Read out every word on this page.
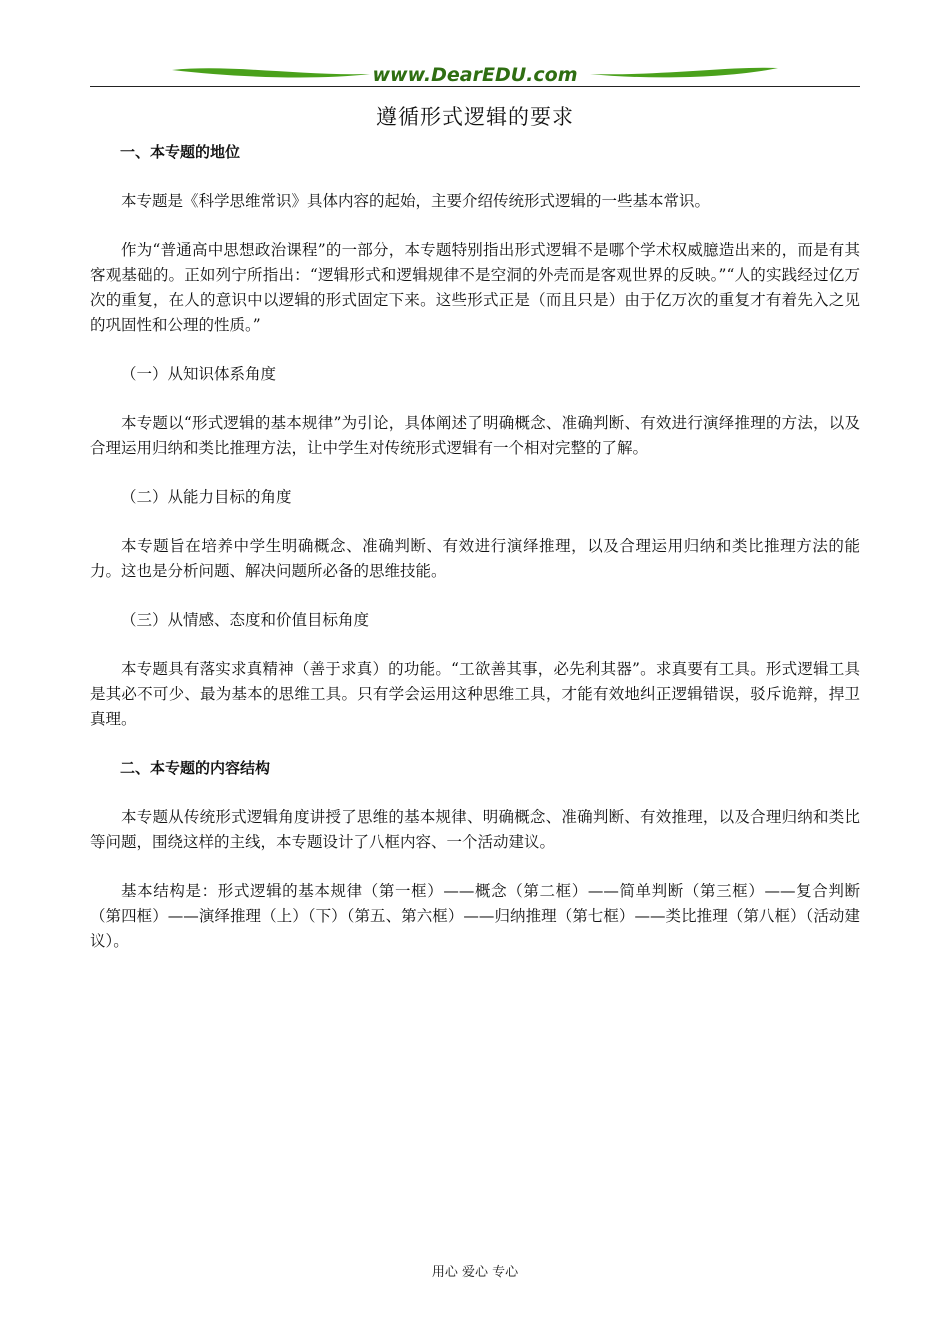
www.DearEDU.com
遵循形式逻辑的要求

一、本专题的地位

本专题是《科学思维常识》具体内容的起始，主要介绍传统形式逻辑的一些基本常识。

作为“普通高中思想政治课程”的一部分，本专题特别指出形式逻辑不是哪个学术权威臆造出来的，而是有其客观基础的。正如列宁所指出：“逻辑形式和逻辑规律不是空洞的外壳而是客观世界的反映。”“人的实践经过亿万次的重复，在人的意识中以逻辑的形式固定下来。这些形式正是（而且只是）由于亿万次的重复才有着先入之见的巩固性和公理的性质。”

（一）从知识体系角度

本专题以“形式逻辑的基本规律”为引论，具体阐述了明确概念、准确判断、有效进行演绎推理的方法，以及合理运用归纳和类比推理方法，让中学生对传统形式逻辑有一个相对完整的了解。

（二）从能力目标的角度

本专题旨在培养中学生明确概念、准确判断、有效进行演绎推理，以及合理运用归纳和类比推理方法的能力。这也是分析问题、解决问题所必备的思维技能。

（三）从情感、态度和价值目标角度

本专题具有落实求真精神（善于求真）的功能。“工欲善其事，必先利其器”。求真要有工具。形式逻辑工具是其必不可少、最为基本的思维工具。只有学会运用这种思维工具，才能有效地纠正逻辑错误，驳斥诡辩，捍卫真理。

二、本专题的内容结构

本专题从传统形式逻辑角度讲授了思维的基本规律、明确概念、准确判断、有效推理，以及合理归纳和类比等问题，围绕这样的主线，本专题设计了八框内容、一个活动建议。

基本结构是：形式逻辑的基本规律（第一框）——概念（第二框）——简单判断（第三框）——复合判断（第四框）——演绎推理（上）（下）（第五、第六框）——归纳推理（第七框）——类比推理（第八框）（活动建议）。

用心 爱心 专心
